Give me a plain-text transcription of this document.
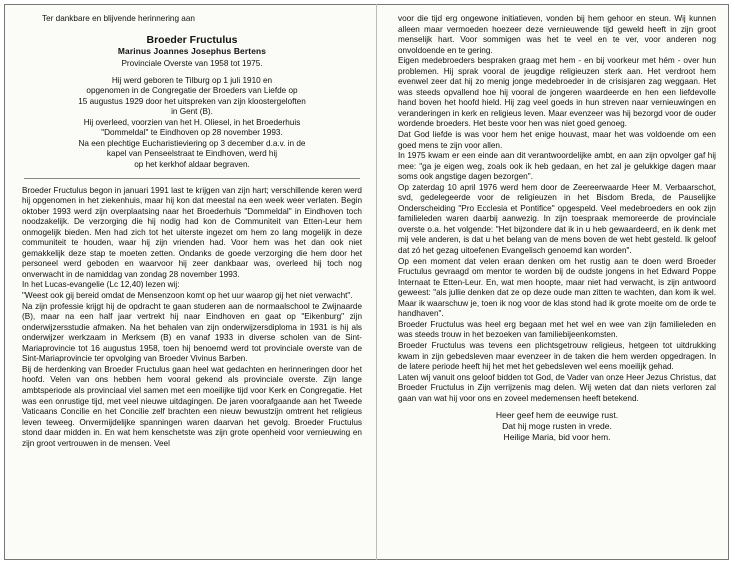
Ter dankbare en blijvende herinnering aan
Broeder Fructulus
Marinus Joannes Josephus Bertens
Provinciale Overste van 1958 tot 1975.
Hij werd geboren te Tilburg op 1 juli 1910 en
opgenomen in de Congregatie der Broeders van Liefde op
15 augustus 1929 door het uitspreken van zijn kloostergeloften
in Gent (B).
Hij overleed, voorzien van het H. Oliesel, in het Broederhuis
"Dommeldal" te Eindhoven op 28 november 1993.
Na een plechtige Eucharistieviering op 3 december d.a.v. in de
kapel van Penseelstraat te Eindhoven, werd hij
op het kerkhof aldaar begraven.

Broeder Fructulus begon in januari 1991 last te krijgen van zijn hart; verschillende keren werd hij opgenomen in het ziekenhuis, maar hij kon dat meestal na een week weer verlaten. Begin oktober 1993 werd zijn overplaatsing naar het Broederhuis "Dommeldal" in Eindhoven toch noodzakelijk. De verzorging die hij nodig had kon de Communiteit van Etten-Leur hem onmogelijk bieden. Men had zich tot het uiterste ingezet om hem zo lang mogelijk in deze communiteit te houden, waar hij zijn vrienden had. Voor hem was het dan ook niet gemakkelijk deze stap te moeten zetten. Ondanks de goede verzorging die hem door het personeel werd geboden en waarvoor hij zeer dankbaar was, overleed hij toch nog onverwacht in de namiddag van zondag 28 november 1993.

In het Lucas-evangelie (Lc 12,40) lezen wij:

"Weest ook gij bereid omdat de Mensenzoon komt op het uur waarop gij het niet verwacht".

Na zijn professie krijgt hij de opdracht te gaan studeren aan de normaalschool te Zwijnaarde (B), maar na een half jaar vertrekt hij naar Eindhoven en gaat op "Eikenburg" zijn onderwijzersstudie afmaken. Na het behalen van zijn onderwijzersdiploma in 1931 is hij als onderwijzer werkzaam in Merksem (B) en vanaf 1933 in diverse scholen van de Sint-Mariaprovincie tot 16 augustus 1958, toen hij benoemd werd tot provinciale overste van de Sint-Mariaprovincie ter opvolging van Broeder Vivinus Barben.

Bij de herdenking van Broeder Fructulus gaan heel wat gedachten en herinneringen door het hoofd. Velen van ons hebben hem vooral gekend als provinciale overste. Zijn lange ambtsperiode als provinciaal viel samen met een moeilijke tijd voor Kerk en Congregatie. Het was een onrustige tijd, met veel nieuwe uitdagingen. De jaren voorafgaande aan het Tweede Vaticaans Concilie en het Concilie zelf brachten een nieuw bewustzijn omtrent het religieus leven teweeg. Onvermijdelijke spanningen waren daarvan het gevolg. Broeder Fructulus stond daar midden in. En wat hem kenschetste was zijn grote openheid voor vernieuwing en zijn groot vertrouwen in de mensen. Veel

voor die tijd erg ongewone initiatieven, vonden bij hem gehoor en steun. Wij kunnen alleen maar vermoeden hoezeer deze vernieuwende tijd geweld heeft in zijn groot menselijk hart. Voor sommigen was het te veel en te ver, voor anderen nog onvoldoende en te gering.

Eigen medebroeders bespraken graag met hem - en bij voorkeur met hém - over hun problemen. Hij sprak vooral de jeugdige religieuzen sterk aan. Het verdroot hem evenwel zeer dat hij zo menig jonge medebroeder in de crisisjaren zag weggaan. Het was steeds opvallend hoe hij vooral de jongeren waardeerde en hen een liefdevolle hand boven het hoofd hield. Hij zag veel goeds in hun streven naar vernieuwingen en veranderingen in kerk en religieus leven. Maar evenzeer was hij bezorgd voor de ouder wordende broeders. Het beste voor hen was niet goed genoeg.

Dat God liefde is was voor hem het enige houvast, maar het was voldoende om een goed mens te zijn voor allen.

In 1975 kwam er een einde aan dit verantwoordelijke ambt, en aan zijn opvolger gaf hij mee: "ga je eigen weg, zoals ook ik heb gedaan, en het zal je gelukkige dagen maar soms ook angstige dagen bezorgen".

Op zaterdag 10 april 1976 werd hem door de Zeereerwaarde Heer M. Verbaarschot, svd, gedelegeerde voor de religieuzen in het Bisdom Breda, de Pauselijke Onderscheiding "Pro Ecclesia et Pontifice" opgespeld. Veel medebroeders en ook zijn familieleden waren daarbij aanwezig. In zijn toespraak memoreerde de provinciale overste o.a. het volgende: "Het bijzondere dat ik in u heb gewaardeerd, en ik denk met mij vele anderen, is dat u het belang van de mens boven de wet hebt gesteld. Ik geloof dat zó het gezag uitoefenen Evangelisch genoemd kan worden".

Op een moment dat velen eraan denken om het rustig aan te doen werd Broeder Fructulus gevraagd om mentor te worden bij de oudste jongens in het Edward Poppe Internaat te Etten-Leur. En, wat men hoopte, maar niet had verwacht, is zijn antwoord geweest: "als jullie denken dat ze op deze oude man zitten te wachten, dan kom ik wel. Maar ik waarschuw je, toen ik nog voor de klas stond had ik grote moeite om de orde te handhaven".

Broeder Fructulus was heel erg begaan met het wel en wee van zijn familieleden en was steeds trouw in het bezoeken van familiebijeenkomsten.

Broeder Fructulus was tevens een plichtsgetrouw religieus, hetgeen tot uitdrukking kwam in zijn gebedsleven maar evenzeer in de taken die hem werden opgedragen. In de latere periode heeft hij het met het gebedsleven wel eens moeilijk gehad.

Laten wij vanuit ons geloof bidden tot God, de Vader van onze Heer Jezus Christus, dat Broeder Fructulus in Zijn verrijzenis mag delen. Wij weten dat dan niets verloren zal gaan van wat hij voor ons en zoveel medemensen heeft betekend.

Heer geef hem de eeuwige rust.
Dat hij moge rusten in vrede.
Heilige Maria, bid voor hem.
